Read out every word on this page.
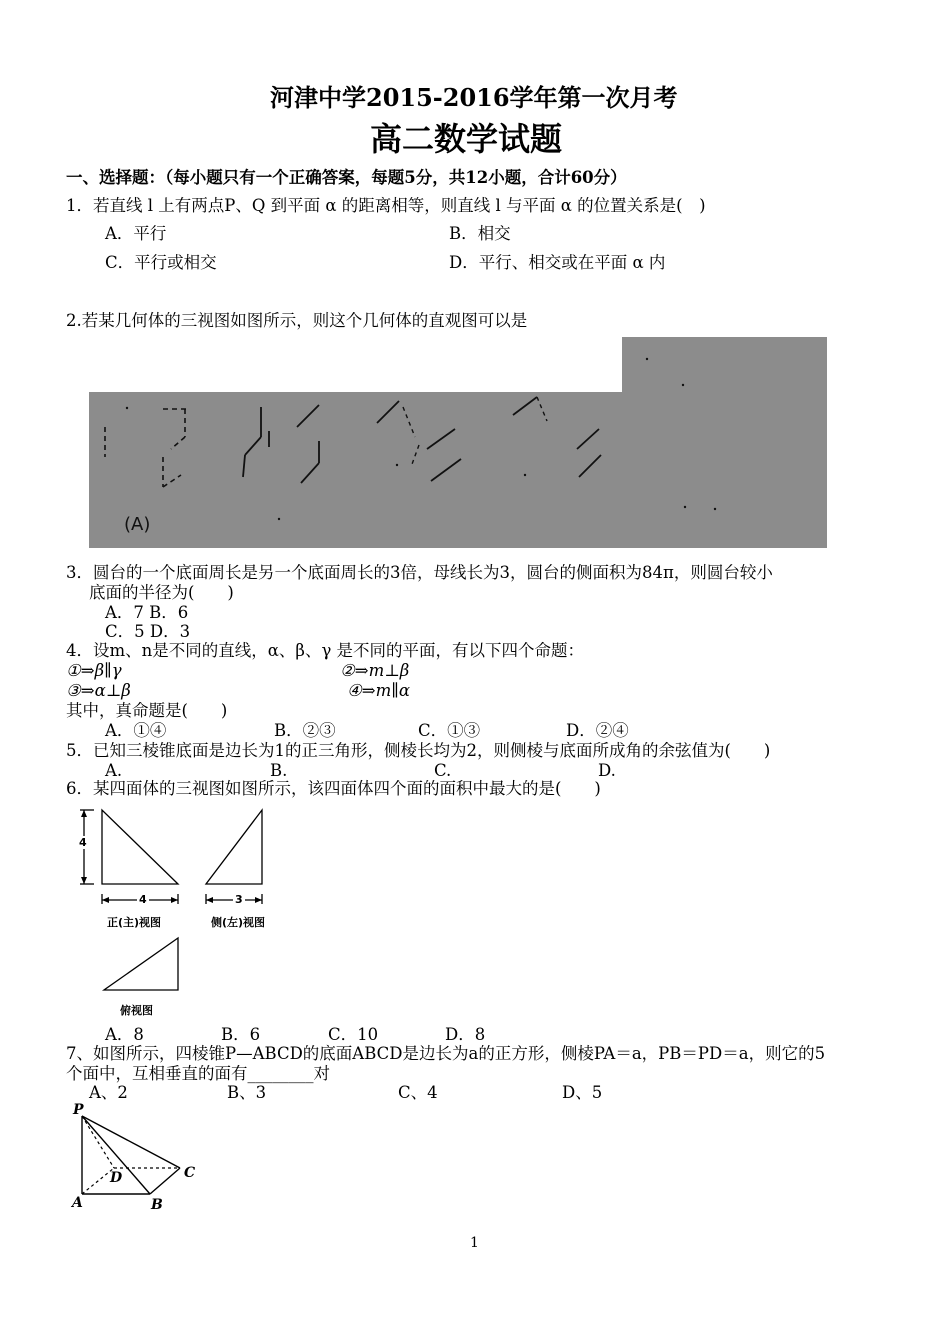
河津中学2015-2016学年第一次月考
高二数学试题
一、选择题：（每小题只有一个正确答案，每题5分，共12小题，合计60分）
1．若直线 l 上有两点P、Q 到平面 α 的距离相等，则直线 l 与平面 α 的位置关系是(　)
A．平行	B．相交
C．平行或相交	D．平行、相交或在平面 α 内
2.若某几何体的三视图如图所示，则这个几何体的直观图可以是
(A)
3．圆台的一个底面周长是另一个底面周长的3倍，母线长为3，圆台的侧面积为84π，则圆台较小
底面的半径为(　　)
A．7 B．6
C．5 D．3
4．设m、n是不同的直线，α、β、γ 是不同的平面，有以下四个命题：
①⇒β∥γ	②⇒m⊥β
③⇒α⊥β	④⇒m∥α
其中，真命题是(　　)
A．①④	B．②③	C．①③	D．②④
5．已知三棱锥底面是边长为1的正三角形，侧棱长均为2，则侧棱与底面所成角的余弦值为(　　)
A.	B.	C.	D.
6．某四面体的三视图如图所示，该四面体四个面的面积中最大的是(　　)
4
4	3
正(主)视图	侧(左)视图
俯视图
A．8	B．6	C．10	D．8
7、如图所示，四棱锥P—ABCD的底面ABCD是边长为a的正方形，侧棱PA＝a，PB＝PD＝a，则它的5
个面中，互相垂直的面有________对
A、2	B、3	C、4	D、5
P
A	B
C
D
1
